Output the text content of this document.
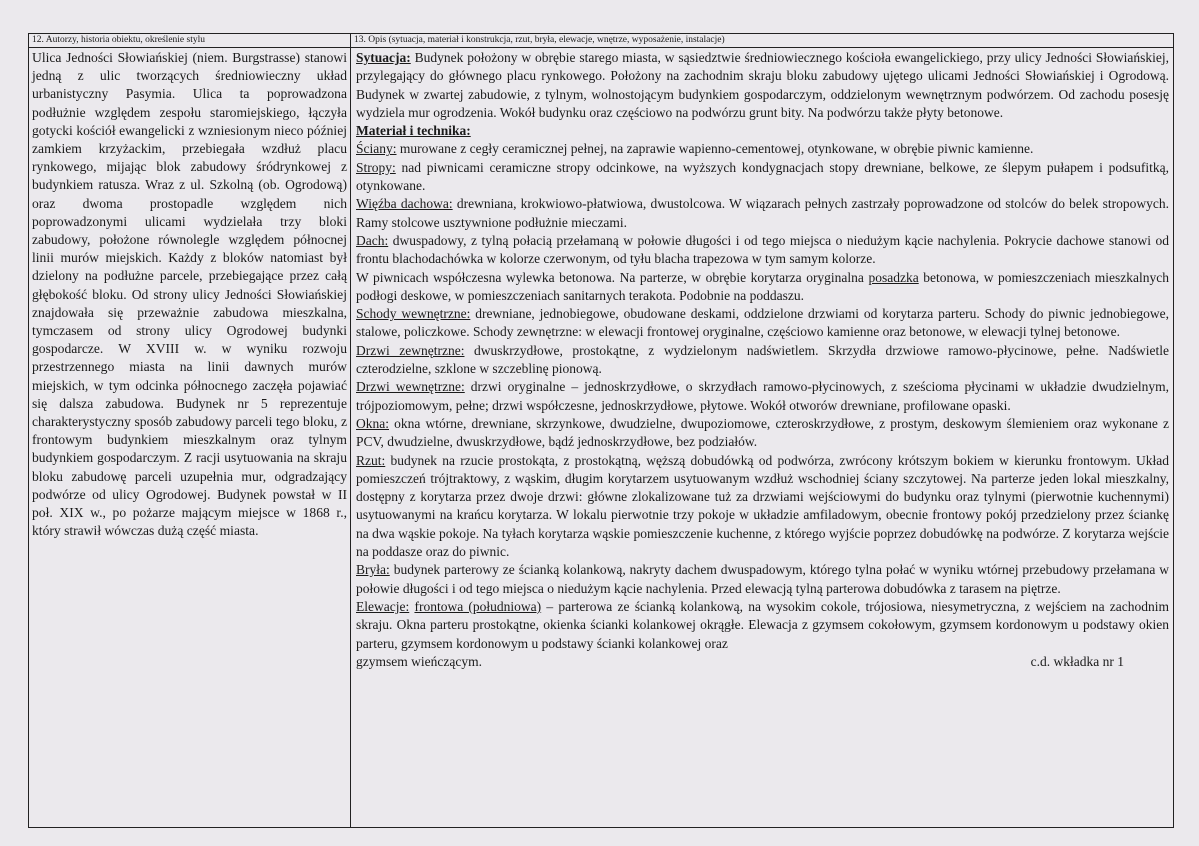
12. Autorzy, historia obiektu, określenie stylu
Ulica Jedności Słowiańskiej (niem. Burgstrasse) stanowi jedną z ulic tworzących średniowieczny układ urbanistyczny Pasymia. Ulica ta poprowadzona podłużnie względem zespołu staromiejskiego, łączyła gotycki kościół ewangelicki z wzniesionym nieco później zamkiem krzyżackim, przebiegała wzdłuż placu rynkowego, mijając blok zabudowy śródrynkowej z budynkiem ratusza. Wraz z ul. Szkolną (ob. Ogrodową) oraz dwoma prostopadle względem nich poprowadzonymi ulicami wydzielała trzy bloki zabudowy, położone równolegle względem północnej linii murów miejskich. Każdy z bloków natomiast był dzielony na podłużne parcele, przebiegające przez całą głębokość bloku. Od strony ulicy Jedności Słowiańskiej znajdowała się przeważnie zabudowa mieszkalna, tymczasem od strony ulicy Ogrodowej budynki gospodarcze. W XVIII w. w wyniku rozwoju przestrzennego miasta na linii dawnych murów miejskich, w tym odcinka północnego zaczęła pojawiać się dalsza zabudowa. Budynek nr 5 reprezentuje charakterystyczny sposób zabudowy parceli tego bloku, z frontowym budynkiem mieszkalnym oraz tylnym budynkiem gospodarczym. Z racji usytuowania na skraju bloku zabudowę parceli uzupełnia mur, odgradzający podwórze od ulicy Ogrodowej. Budynek powstał w II poł. XIX w., po pożarze mającym miejsce w 1868 r., który strawił wówczas dużą część miasta.
13. Opis (sytuacja, materiał i konstrukcja, rzut, bryła, elewacje, wnętrze, wyposażenie, instalacje)

Sytuacja: Budynek położony w obrębie starego miasta, w sąsiedztwie średniowiecznego kościoła ewangelickiego, przy ulicy Jedności Słowiańskiej, przylegający do głównego placu rynkowego. Położony na zachodnim skraju bloku zabudowy ujętego ulicami Jedności Słowiańskiej i Ogrodową. Budynek w zwartej zabudowie, z tylnym, wolnostojącym budynkiem gospodarczym, oddzielonym wewnętrznym podwórzem. Od zachodu posesję wydziela mur ogrodzenia. Wokół budynku oraz częściowo na podwórzu grunt bity. Na podwórzu także płyty betonowe.

Materiał i technika:

Ściany: murowane z cegły ceramicznej pełnej, na zaprawie wapienno-cementowej, otynkowane, w obrębie piwnic kamienne.

Stropy: nad piwnicami ceramiczne stropy odcinkowe, na wyższych kondygnacjach stopy drewniane, belkowe, ze ślepym pułapem i podsufitką, otynkowane.

Więźba dachowa: drewniana, krokwiowo-płatwiowa, dwustolcowa. W wiązarach pełnych zastrzały poprowadzone od stolców do belek stropowych. Ramy stolcowe usztywnione podłużnie mieczami.

Dach: dwuspadowy, z tylną połacią przełamaną w połowie długości i od tego miejsca o niedużym kącie nachylenia. Pokrycie dachowe stanowi od frontu blachodachówka w kolorze czerwonym, od tyłu blacha trapezowa w tym samym kolorze.

W piwnicach współczesna wylewka betonowa. Na parterze, w obrębie korytarza oryginalna posadzka betonowa, w pomieszczeniach mieszkalnych podłogi deskowe, w pomieszczeniach sanitarnych terakota. Podobnie na poddaszu.

Schody wewnętrzne: drewniane, jednobiegowe, obudowane deskami, oddzielone drzwiami od korytarza parteru. Schody do piwnic jednobiegowe, stalowe, policzkowe. Schody zewnętrzne: w elewacji frontowej oryginalne, częściowo kamienne oraz betonowe, w elewacji tylnej betonowe.

Drzwi zewnętrzne: dwuskrzydłowe, prostokątne, z wydzielonym nadświetlem. Skrzydła drzwiowe ramowo-płycinowe, pełne. Nadświetle czterodzielne, szklone w szczeblinę pionową.

Drzwi wewnętrzne: drzwi oryginalne – jednoskrzydłowe, o skrzydłach ramowo-płycinowych, z sześcioma płycinami w układzie dwudzielnym, trójpoziomowym, pełne; drzwi współczesne, jednoskrzydłowe, płytowe. Wokół otworów drewniane, profilowane opaski.

Okna: okna wtórne, drewniane, skrzynkowe, dwudzielne, dwupoziomowe, czteroskrzydłowe, z prostym, deskowym ślemieniem oraz wykonane z PCV, dwudzielne, dwuskrzydłowe, bądź jednoskrzydłowe, bez podziałów.

Rzut: budynek na rzucie prostokąta, z prostokątną, węższą dobudówką od podwórza, zwrócony krótszym bokiem w kierunku frontowym. Układ pomieszczeń trójtraktowy, z wąskim, długim korytarzem usytuowanym wzdłuż wschodniej ściany szczytowej. Na parterze jeden lokal mieszkalny, dostępny z korytarza przez dwoje drzwi: główne zlokalizowane tuż za drzwiami wejściowymi do budynku oraz tylnymi (pierwotnie kuchennymi) usytuowanymi na krańcu korytarza. W lokalu pierwotnie trzy pokoje w układzie amfiladowym, obecnie frontowy pokój przedzielony przez ściankę na dwa wąskie pokoje. Na tyłach korytarza wąskie pomieszczenie kuchenne, z którego wyjście poprzez dobudówkę na podwórze. Z korytarza wejście na poddasze oraz do piwnic.

Bryła: budynek parterowy ze ścianką kolankową, nakryty dachem dwuspadowym, którego tylna połać w wyniku wtórnej przebudowy przełamana w połowie długości i od tego miejsca o niedużym kącie nachylenia. Przed elewacją tylną parterowa dobudówka z tarasem na piętrze.

Elewacje: frontowa (południowa) – parterowa ze ścianką kolankową, na wysokim cokole, trójosiowa, niesymetryczna, z wejściem na zachodnim skraju. Okna parteru prostokątne, okienka ścianki kolankowej okrągłe. Elewacja z gzymsem cokołowym, gzymsem kordonowym u podstawy okien parteru, gzymsem kordonowym u podstawy ścianki kolankowej oraz

gzymsem wieńczącym.	c.d. wkładka nr 1
